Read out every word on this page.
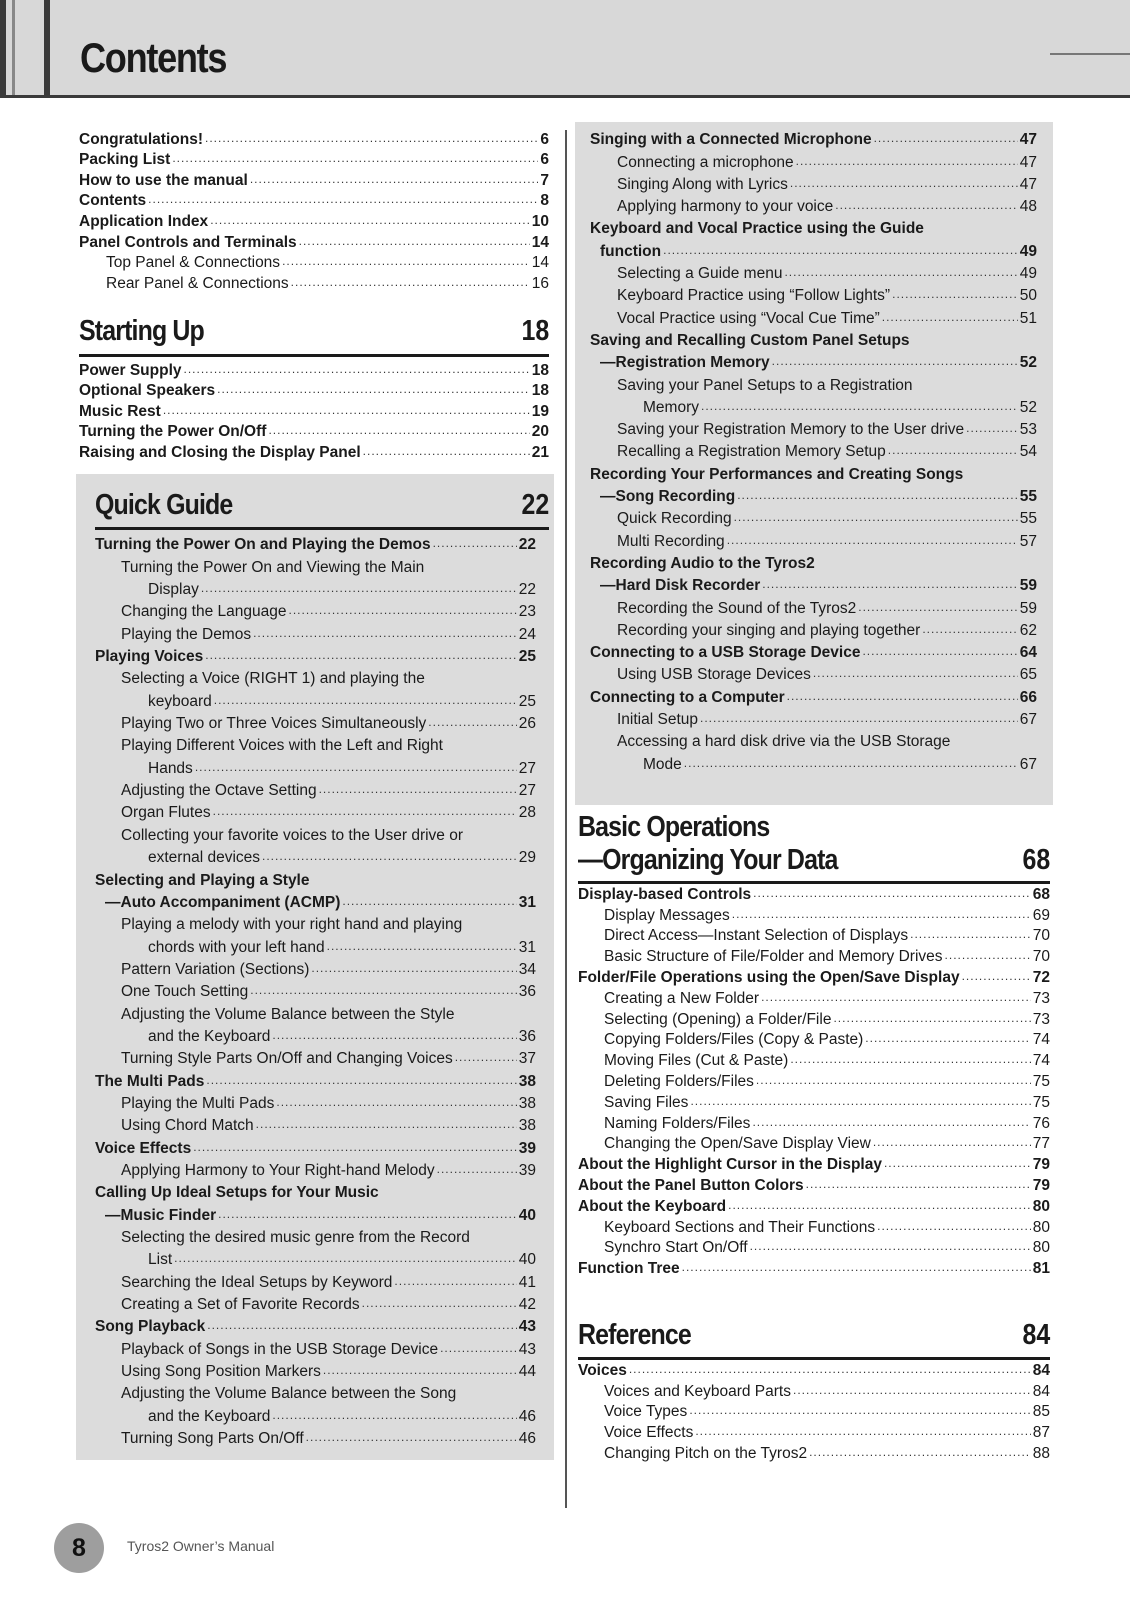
Contents
Congratulations! .....	6
Packing List .....	6
How to use the manual .....	7
Contents .....	8
Application Index .....	10
Panel Controls and Terminals .....	14
Top Panel & Connections .....	14
Rear Panel & Connections .....	16
Starting Up	18
Power Supply .....	18
Optional Speakers .....	18
Music Rest .....	19
Turning the Power On/Off .....	20
Raising and Closing the Display Panel .....	21
Quick Guide	22
Turning the Power On and Playing the Demos .....	22
Turning the Power On and Viewing the Main
Display .....	22
Changing the Language .....	23
Playing the Demos .....	24
Playing Voices .....	25
Selecting a Voice (RIGHT 1) and playing the
keyboard .....	25
Playing Two or Three Voices Simultaneously .....	26
Playing Different Voices with the Left and Right
Hands .....	27
Adjusting the Octave Setting .....	27
Organ Flutes .....	28
Collecting your favorite voices to the User drive or
external devices .....	29
Selecting and Playing a Style
—Auto Accompaniment (ACMP) .....	31
Playing a melody with your right hand and playing
chords with your left hand .....	31
Pattern Variation (Sections) .....	34
One Touch Setting .....	36
Adjusting the Volume Balance between the Style
and the Keyboard .....	36
Turning Style Parts On/Off and Changing Voices .....	37
The Multi Pads .....	38
Playing the Multi Pads .....	38
Using Chord Match .....	38
Voice Effects .....	39
Applying Harmony to Your Right-hand Melody .....	39
Calling Up Ideal Setups for Your Music
—Music Finder .....	40
Selecting the desired music genre from the Record
List .....	40
Searching the Ideal Setups by Keyword .....	41
Creating a Set of Favorite Records .....	42
Song Playback .....	43
Playback of Songs in the USB Storage Device .....	43
Using Song Position Markers .....	44
Adjusting the Volume Balance between the Song
and the Keyboard .....	46
Turning Song Parts On/Off .....	46
Singing with a Connected Microphone .....	47
Connecting a microphone .....	47
Singing Along with Lyrics .....	47
Applying harmony to your voice .....	48
Keyboard and Vocal Practice using the Guide
function .....	49
Selecting a Guide menu .....	49
Keyboard Practice using “Follow Lights” .....	50
Vocal Practice using “Vocal Cue Time” .....	51
Saving and Recalling Custom Panel Setups
—Registration Memory .....	52
Saving your Panel Setups to a Registration
Memory .....	52
Saving your Registration Memory to the User drive .....	53
Recalling a Registration Memory Setup .....	54
Recording Your Performances and Creating Songs
—Song Recording .....	55
Quick Recording .....	55
Multi Recording .....	57
Recording Audio to the Tyros2
—Hard Disk Recorder .....	59
Recording the Sound of the Tyros2 .....	59
Recording your singing and playing together .....	62
Connecting to a USB Storage Device .....	64
Using USB Storage Devices .....	65
Connecting to a Computer .....	66
Initial Setup .....	67
Accessing a hard disk drive via the USB Storage
Mode .....	67
Basic Operations
—Organizing Your Data	68
Display-based Controls .....	68
Display Messages .....	69
Direct Access—Instant Selection of Displays .....	70
Basic Structure of File/Folder and Memory Drives .....	70
Folder/File Operations using the Open/Save Display .....	72
Creating a New Folder .....	73
Selecting (Opening) a Folder/File .....	73
Copying Folders/Files (Copy & Paste) .....	74
Moving Files (Cut & Paste) .....	74
Deleting Folders/Files .....	75
Saving Files .....	75
Naming Folders/Files .....	76
Changing the Open/Save Display View .....	77
About the Highlight Cursor in the Display .....	79
About the Panel Button Colors .....	79
About the Keyboard .....	80
Keyboard Sections and Their Functions .....	80
Synchro Start On/Off .....	80
Function Tree .....	81
Reference	84
Voices .....	84
Voices and Keyboard Parts .....	84
Voice Types .....	85
Voice Effects .....	87
Changing Pitch on the Tyros2 .....	88
8	Tyros2 Owner’s Manual
